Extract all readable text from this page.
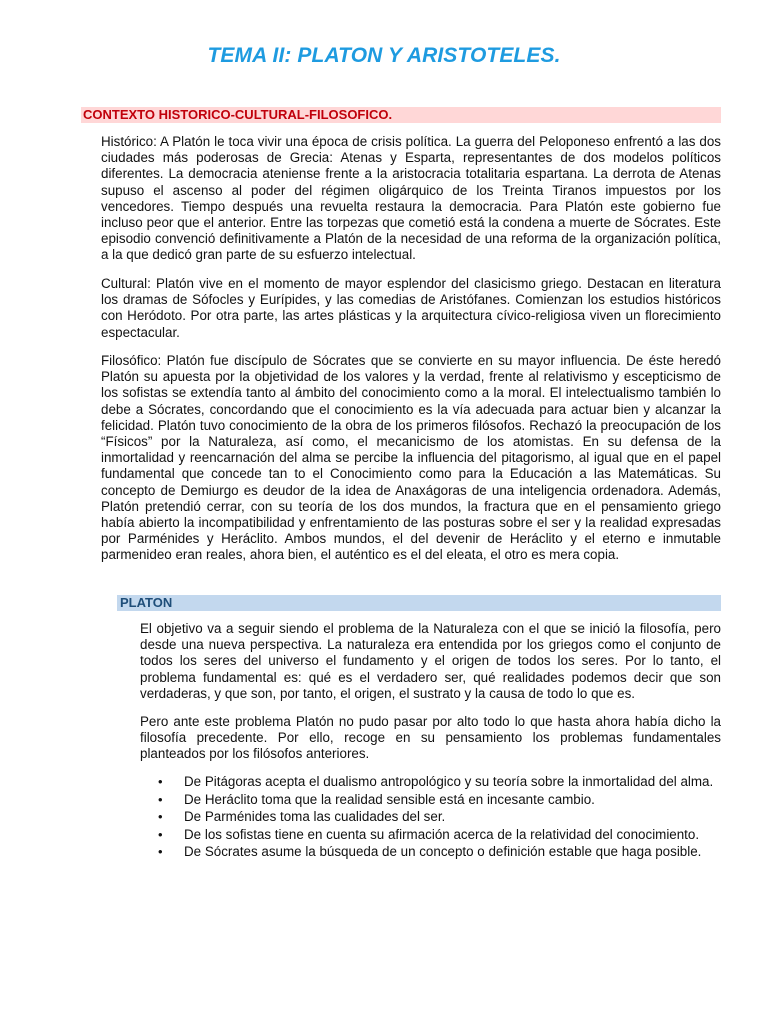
TEMA II: PLATON Y ARISTOTELES.
CONTEXTO HISTORICO-CULTURAL-FILOSOFICO.

Histórico: A Platón le toca vivir una época de crisis política. La guerra del Peloponeso enfrentó a las dos ciudades más poderosas de Grecia: Atenas y Esparta, representantes de dos modelos políticos diferentes. La democracia ateniense frente a la aristocracia totalitaria espartana. La derrota de Atenas supuso el ascenso al poder del régimen oligárquico de los Treinta Tiranos impuestos por los vencedores. Tiempo después una revuelta restaura la democracia. Para Platón este gobierno fue incluso peor que el anterior. Entre las torpezas que cometió está la condena a muerte de Sócrates. Este episodio convenció definitivamente a Platón de la necesidad de una reforma de la organización política, a la que dedicó gran parte de su esfuerzo intelectual.

Cultural: Platón vive en el momento de mayor esplendor del clasicismo griego. Destacan en literatura los dramas de Sófocles y Eurípides, y las comedias de Aristófanes. Comienzan los estudios históricos con Heródoto. Por otra parte, las artes plásticas y la arquitectura cívico-religiosa viven un florecimiento espectacular.

Filosófico: Platón fue discípulo de Sócrates que se convierte en su mayor influencia. De éste heredó Platón su apuesta por la objetividad de los valores y la verdad, frente al relativismo y escepticismo de los sofistas se extendía tanto al ámbito del conocimiento como a la moral. El intelectualismo también lo debe a Sócrates, concordando que el conocimiento es la vía adecuada para actuar bien y alcanzar la felicidad. Platón tuvo conocimiento de la obra de los primeros filósofos. Rechazó la preocupación de los “Físicos” por la Naturaleza, así como, el mecanicismo de los atomistas. En su defensa de la inmortalidad y reencarnación del alma se percibe la influencia del pitagorismo, al igual que en el papel fundamental que concede tan to el Conocimiento como para la Educación a las Matemáticas. Su concepto de Demiurgo es deudor de la idea de Anaxágoras de una inteligencia ordenadora. Además, Platón pretendió cerrar, con su teoría de los dos mundos, la fractura que en el pensamiento griego había abierto la incompatibilidad y enfrentamiento de las posturas sobre el ser y la realidad expresadas por Parménides y Heráclito. Ambos mundos, el del devenir de Heráclito y el eterno e inmutable parmenideo eran reales, ahora bien, el auténtico es el del eleata, el otro es mera copia.

PLATON

El objetivo va a seguir siendo el problema de la Naturaleza con el que se inició la filosofía, pero desde una nueva perspectiva. La naturaleza era entendida por los griegos como el conjunto de todos los seres del universo el fundamento y el origen de todos los seres. Por lo tanto, el problema fundamental es: qué es el verdadero ser, qué realidades podemos decir que son verdaderas, y que son, por tanto, el origen, el sustrato y la causa de todo lo que es.

Pero ante este problema Platón no pudo pasar por alto todo lo que hasta ahora había dicho la filosofía precedente. Por ello, recoge en su pensamiento los problemas fundamentales planteados por los filósofos anteriores.

• De Pitágoras acepta el dualismo antropológico y su teoría sobre la inmortalidad del alma.
• De Heráclito toma que la realidad sensible está en incesante cambio.
• De Parménides toma las cualidades del ser.
• De los sofistas tiene en cuenta su afirmación acerca de la relatividad del conocimiento.
• De Sócrates asume la búsqueda de un concepto o definición estable que haga posible.
